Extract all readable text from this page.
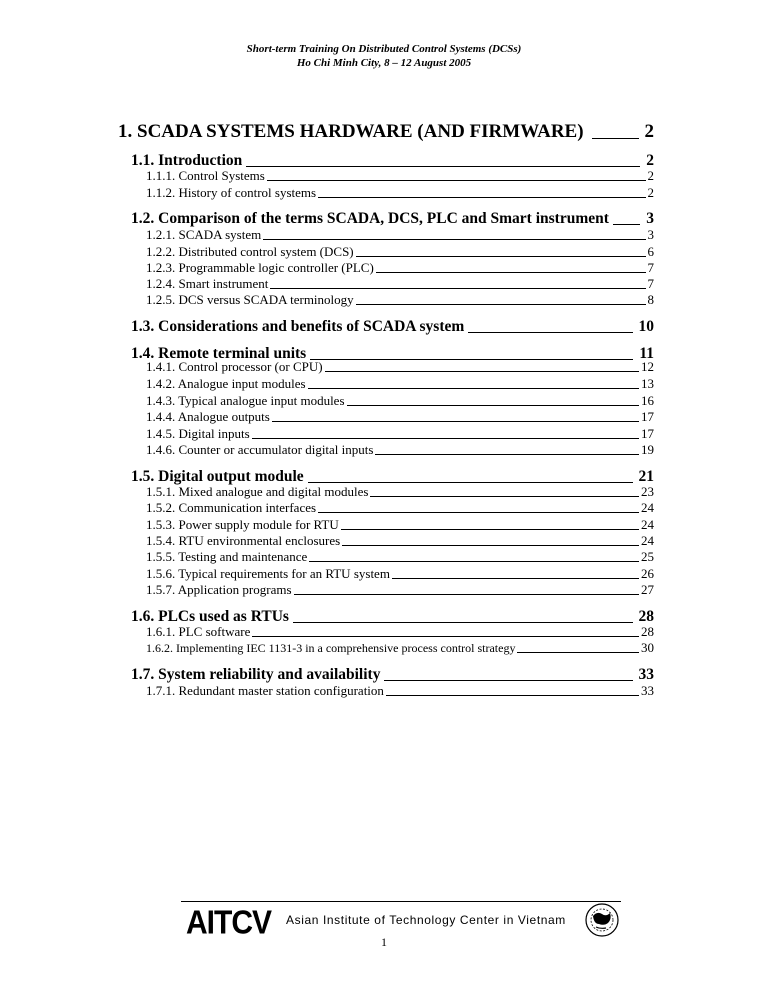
Short-term Training On Distributed Control Systems (DCSs)
Ho Chi Minh City, 8 – 12 August 2005
1. SCADA SYSTEMS HARDWARE (AND FIRMWARE)	2
1.1. Introduction	2
1.1.1. Control Systems	2
1.1.2. History of control systems	2
1.2. Comparison of the terms SCADA, DCS, PLC and Smart instrument 3
1.2.1. SCADA system	3
1.2.2. Distributed control system (DCS)	6
1.2.3. Programmable logic controller (PLC)	7
1.2.4. Smart instrument	7
1.2.5. DCS versus SCADA terminology	8
1.3. Considerations and benefits of SCADA system	10
1.4. Remote terminal units	11
1.4.1. Control processor (or CPU)	12
1.4.2. Analogue input modules	13
1.4.3. Typical analogue input modules	16
1.4.4. Analogue outputs	17
1.4.5. Digital inputs	17
1.4.6. Counter or accumulator digital inputs	19
1.5. Digital output module	21
1.5.1. Mixed analogue and digital modules	23
1.5.2. Communication interfaces	24
1.5.3. Power supply module for RTU	24
1.5.4. RTU environmental enclosures	24
1.5.5. Testing and maintenance	25
1.5.6. Typical requirements for an RTU system	26
1.5.7. Application programs	27
1.6. PLCs used as RTUs	28
1.6.1. PLC software	28
1.6.2. Implementing IEC 1131-3 in a comprehensive process control strategy	30
1.7. System reliability and availability	33
1.7.1. Redundant master station configuration	33
AITCV Asian Institute of Technology Center in Vietnam
1
